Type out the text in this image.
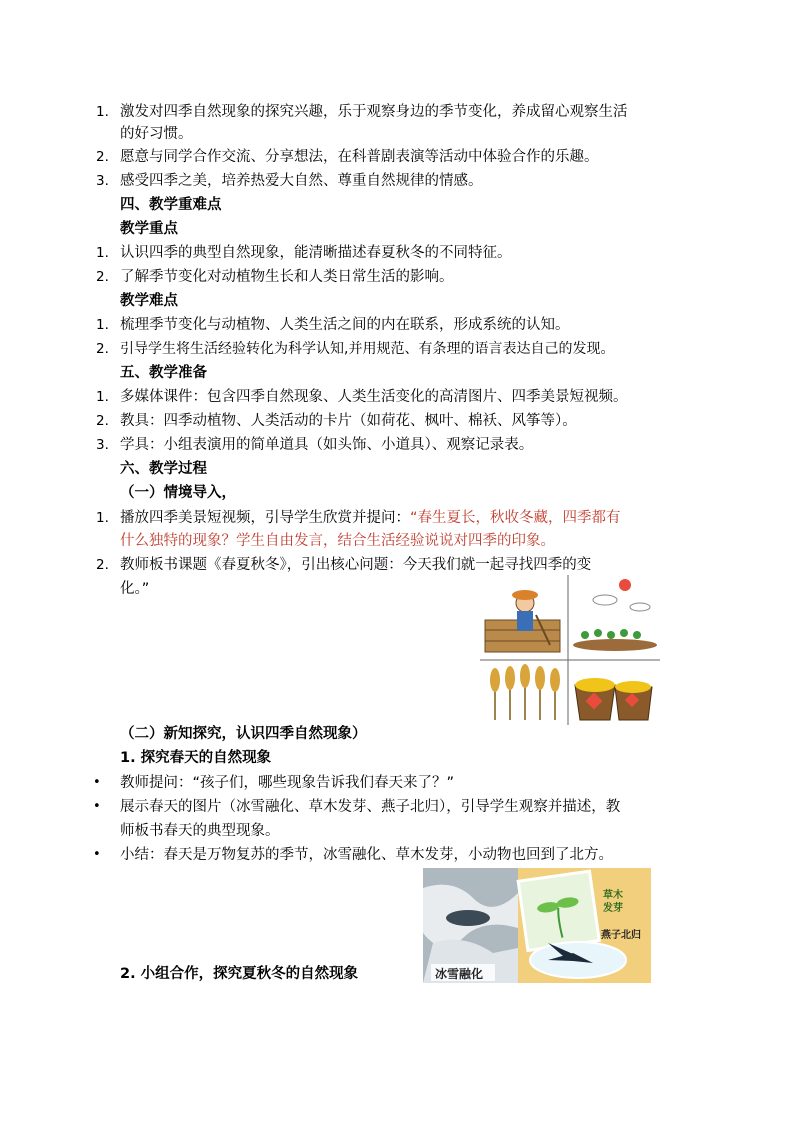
1. 激发对四季自然现象的探究兴趣，乐于观察身边的季节变化，养成留心观察生活
的好习惯。
2. 愿意与同学合作交流、分享想法，在科普剧表演等活动中体验合作的乐趣。
3. 感受四季之美，培养热爱大自然、尊重自然规律的情感。
四、教学重难点
教学重点
1. 认识四季的典型自然现象，能清晰描述春夏秋冬的不同特征。
2. 了解季节变化对动植物生长和人类日常生活的影响。
教学难点
1. 梳理季节变化与动植物、人类生活之间的内在联系，形成系统的认知。
2. 引导学生将生活经验转化为科学认知,并用规范、有条理的语言表达自己的发现。
五、教学准备
1. 多媒体课件：包含四季自然现象、人类生活变化的高清图片、四季美景短视频。
2. 教具：四季动植物、人类活动的卡片（如荷花、枫叶、棉袄、风筝等）。
3. 学具：小组表演用的简单道具（如头饰、小道具）、观察记录表。
六、教学过程
（一）情境导入，
1. 播放四季美景短视频，引导学生欣赏并提问：“春生夏长，秋收冬藏，四季都有
什么独特的现象？学生自由发言，结合生活经验说说对四季的印象。
2. 教师板书课题《春夏秋冬》，引出核心问题：今天我们就一起寻找四季的变
化。”
（二）新知探究，认识四季自然现象）
1. 探究春天的自然现象
• 教师提问：“孩子们，哪些现象告诉我们春天来了？”
• 展示春天的图片（冰雪融化、草木发芽、燕子北归），引导学生观察并描述，教
师板书春天的典型现象。
• 小结：春天是万物复苏的季节，冰雪融化、草木发芽，小动物也回到了北方。
冰雪融化
草木
发芽
燕子北归
2. 小组合作，探究夏秋冬的自然现象
